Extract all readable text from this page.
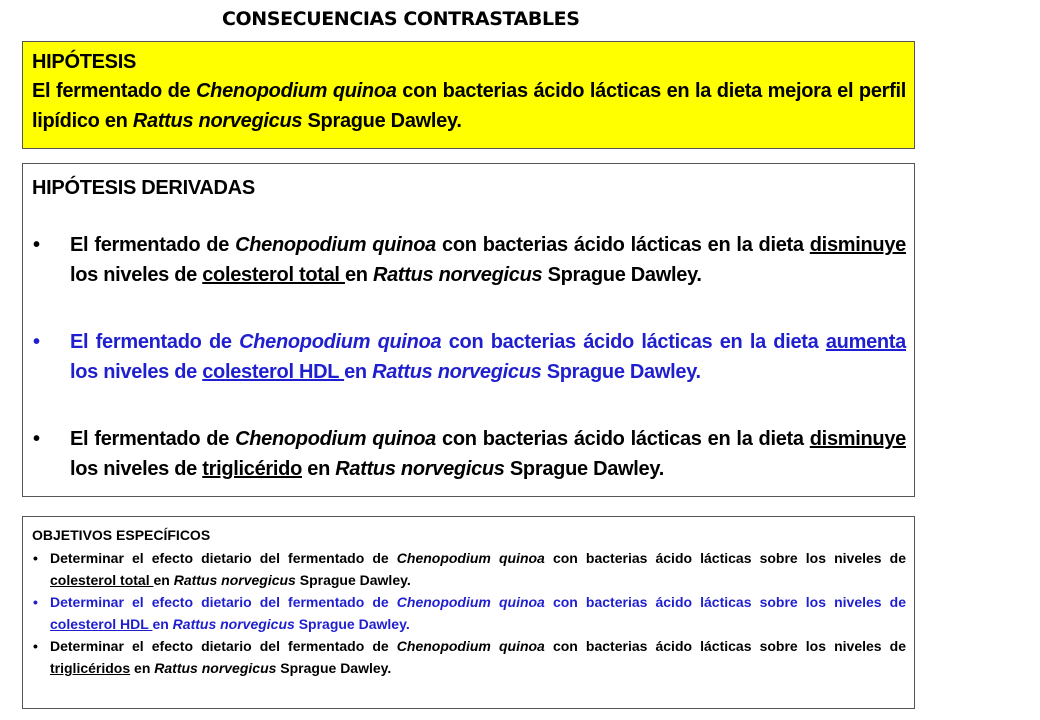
CONSECUENCIAS CONTRASTABLES
HIPÓTESIS
El fermentado de Chenopodium quinoa con bacterias ácido lácticas en la dieta mejora el perfil lipídico en Rattus norvegicus Sprague Dawley.
HIPÓTESIS DERIVADAS
• El fermentado de Chenopodium quinoa con bacterias ácido lácticas en la dieta disminuye los niveles de colesterol total en Rattus norvegicus Sprague Dawley.
• El fermentado de Chenopodium quinoa con bacterias ácido lácticas en la dieta aumenta los niveles de colesterol HDL en Rattus norvegicus Sprague Dawley.
• El fermentado de Chenopodium quinoa con bacterias ácido lácticas en la dieta disminuye los niveles de triglicérido en Rattus norvegicus Sprague Dawley.
OBJETIVOS ESPECÍFICOS
• Determinar el efecto dietario del fermentado de Chenopodium quinoa con bacterias ácido lácticas sobre los niveles de colesterol total en Rattus norvegicus Sprague Dawley.
• Determinar el efecto dietario del fermentado de Chenopodium quinoa con bacterias ácido lácticas sobre los niveles de colesterol HDL en Rattus norvegicus Sprague Dawley.
• Determinar el efecto dietario del fermentado de Chenopodium quinoa con bacterias ácido lácticas sobre los niveles de triglicéridos en Rattus norvegicus Sprague Dawley.
